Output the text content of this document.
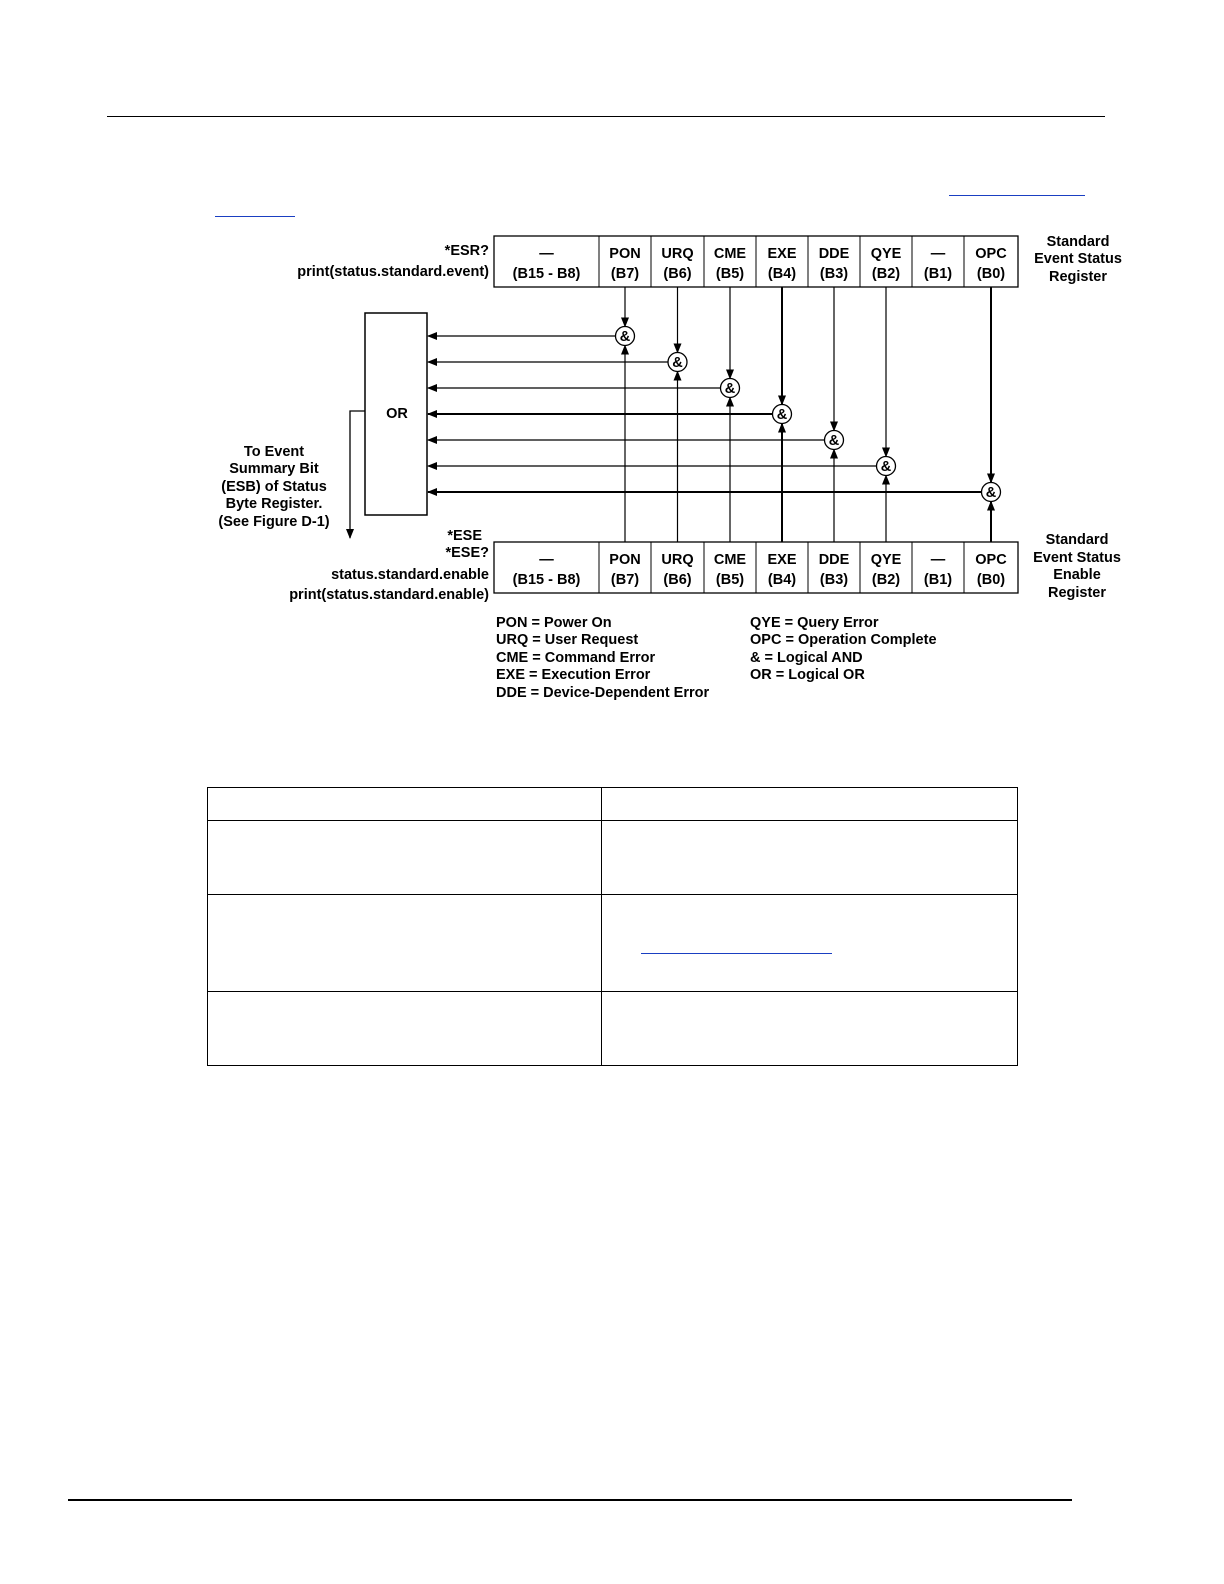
*ESR?
print(status.standard.event)
Standard
Event Status
Register
—
(B15 - B8)
PON
(B7)
URQ
(B6)
CME
(B5)
EXE
(B4)
DDE
(B3)
QYE
(B2)
—
(B1)
OPC
(B0)
*ESE
*ESE?
status.standard.enable
print(status.standard.enable)
Standard
Event Status
Enable
Register
—
(B15 - B8)
PON
(B7)
URQ
(B6)
CME
(B5)
EXE
(B4)
DDE
(B3)
QYE
(B2)
—
(B1)
OPC
(B0)
OR
To Event
Summary Bit
(ESB) of Status
Byte Register.
(See Figure D-1)
&
&
&
&
&
&
&
PON = Power On
URQ = User Request
CME = Command Error
EXE = Execution Error
DDE = Device-Dependent Error
QYE = Query Error
OPC = Operation Complete
& = Logical AND
OR = Logical OR
